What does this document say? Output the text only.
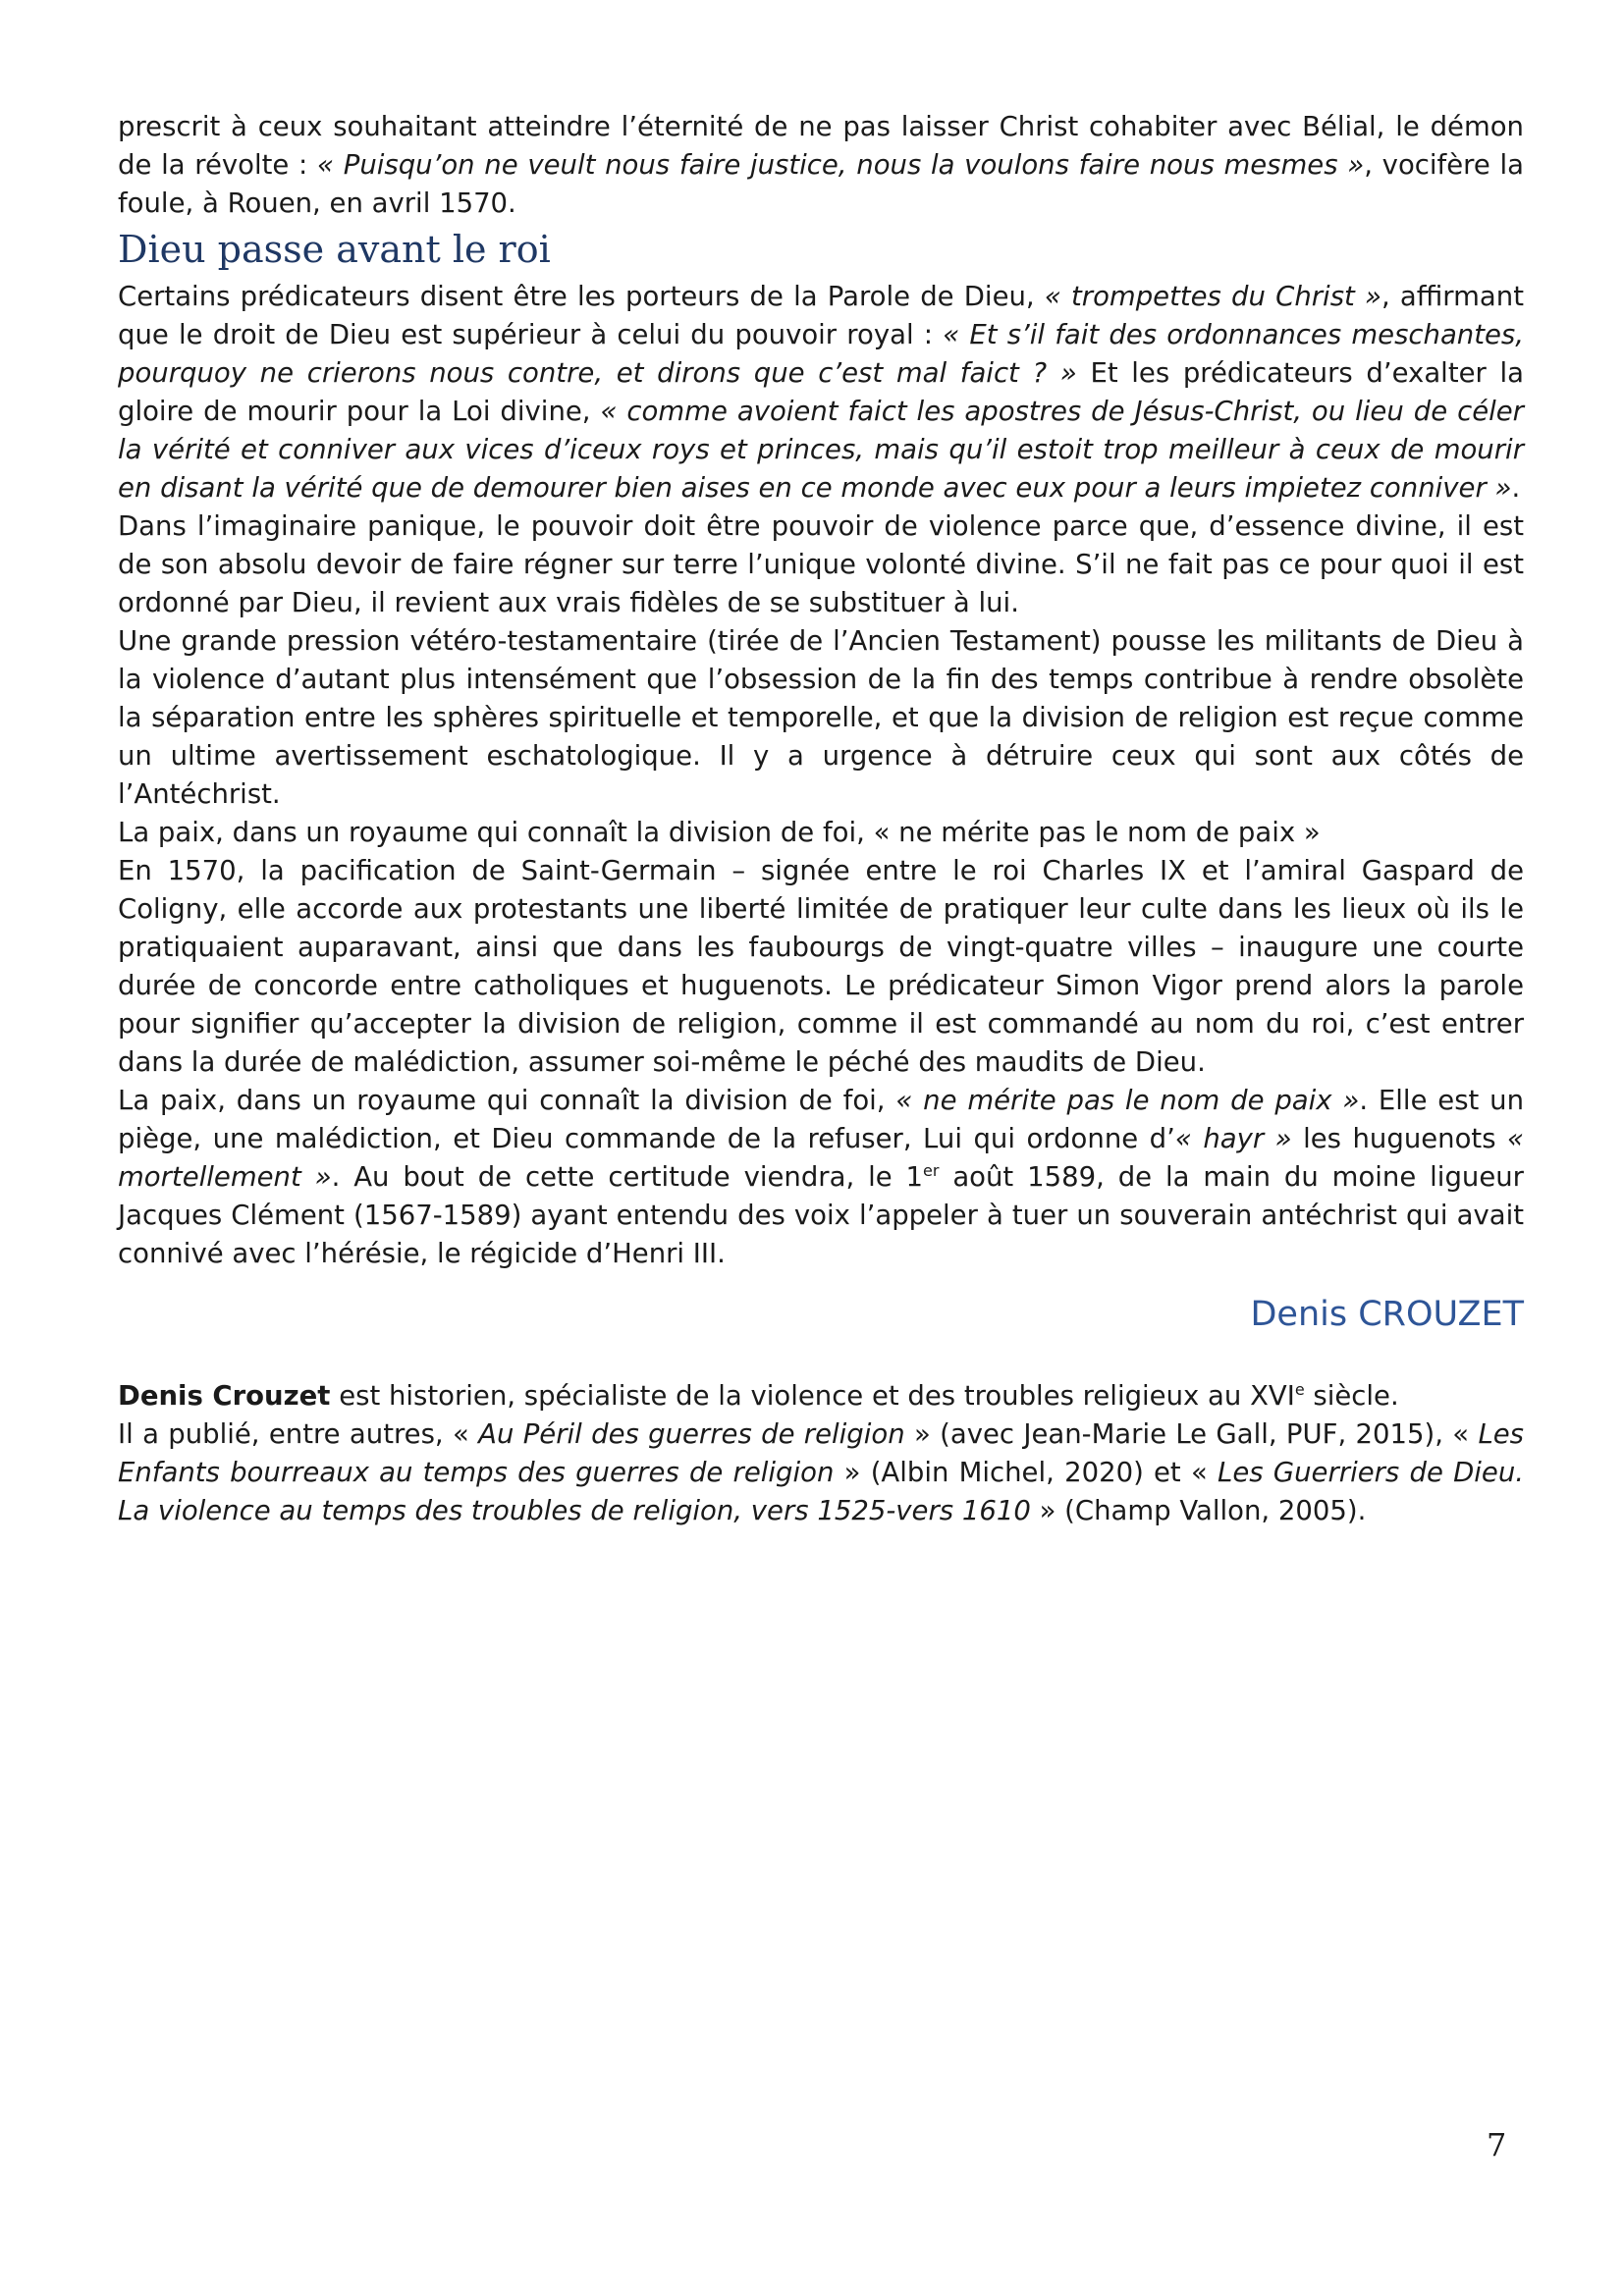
prescrit à ceux souhaitant atteindre l’éternité de ne pas laisser Christ cohabiter avec Bélial, le démon de la révolte : « Puisqu’on ne veult nous faire justice, nous la voulons faire nous mesmes », vocifère la foule, à Rouen, en avril 1570.

Dieu passe avant le roi

Certains prédicateurs disent être les porteurs de la Parole de Dieu, « trompettes du Christ », affirmant que le droit de Dieu est supérieur à celui du pouvoir royal : « Et s’il fait des ordonnances meschantes, pourquoy ne crierons nous contre, et dirons que c’est mal faict ? » Et les prédicateurs d’exalter la gloire de mourir pour la Loi divine, « comme avoient faict les apostres de Jésus-Christ, ou lieu de céler la vérité et conniver aux vices d’iceux roys et princes, mais qu’il estoit trop meilleur à ceux de mourir en disant la vérité que de demourer bien aises en ce monde avec eux pour a leurs impietez conniver ».

Dans l’imaginaire panique, le pouvoir doit être pouvoir de violence parce que, d’essence divine, il est de son absolu devoir de faire régner sur terre l’unique volonté divine. S’il ne fait pas ce pour quoi il est ordonné par Dieu, il revient aux vrais fidèles de se substituer à lui.

Une grande pression vétéro-testamentaire (tirée de l’Ancien Testament) pousse les militants de Dieu à la violence d’autant plus intensément que l’obsession de la fin des temps contribue à rendre obsolète la séparation entre les sphères spirituelle et temporelle, et que la division de religion est reçue comme un ultime avertissement eschatologique. Il y a urgence à détruire ceux qui sont aux côtés de l’Antéchrist.

La paix, dans un royaume qui connaît la division de foi, « ne mérite pas le nom de paix »

En 1570, la pacification de Saint-Germain – signée entre le roi Charles IX et l’amiral Gaspard de Coligny, elle accorde aux protestants une liberté limitée de pratiquer leur culte dans les lieux où ils le pratiquaient auparavant, ainsi que dans les faubourgs de vingt-quatre villes – inaugure une courte durée de concorde entre catholiques et huguenots. Le prédicateur Simon Vigor prend alors la parole pour signifier qu’accepter la division de religion, comme il est commandé au nom du roi, c’est entrer dans la durée de malédiction, assumer soi-même le péché des maudits de Dieu.

La paix, dans un royaume qui connaît la division de foi, « ne mérite pas le nom de paix ». Elle est un piège, une malédiction, et Dieu commande de la refuser, Lui qui ordonne d’« hayr » les huguenots « mortellement ». Au bout de cette certitude viendra, le 1er août 1589, de la main du moine ligueur Jacques Clément (1567-1589) ayant entendu des voix l’appeler à tuer un souverain antéchrist qui avait connivé avec l’hérésie, le régicide d’Henri III.

Denis CROUZET

Denis Crouzet est historien, spécialiste de la violence et des troubles religieux au XVIe siècle.
Il a publié, entre autres, « Au Péril des guerres de religion » (avec Jean-Marie Le Gall, PUF, 2015), « Les Enfants bourreaux au temps des guerres de religion » (Albin Michel, 2020) et « Les Guerriers de Dieu. La violence au temps des troubles de religion, vers 1525-vers 1610 » (Champ Vallon, 2005).

7
